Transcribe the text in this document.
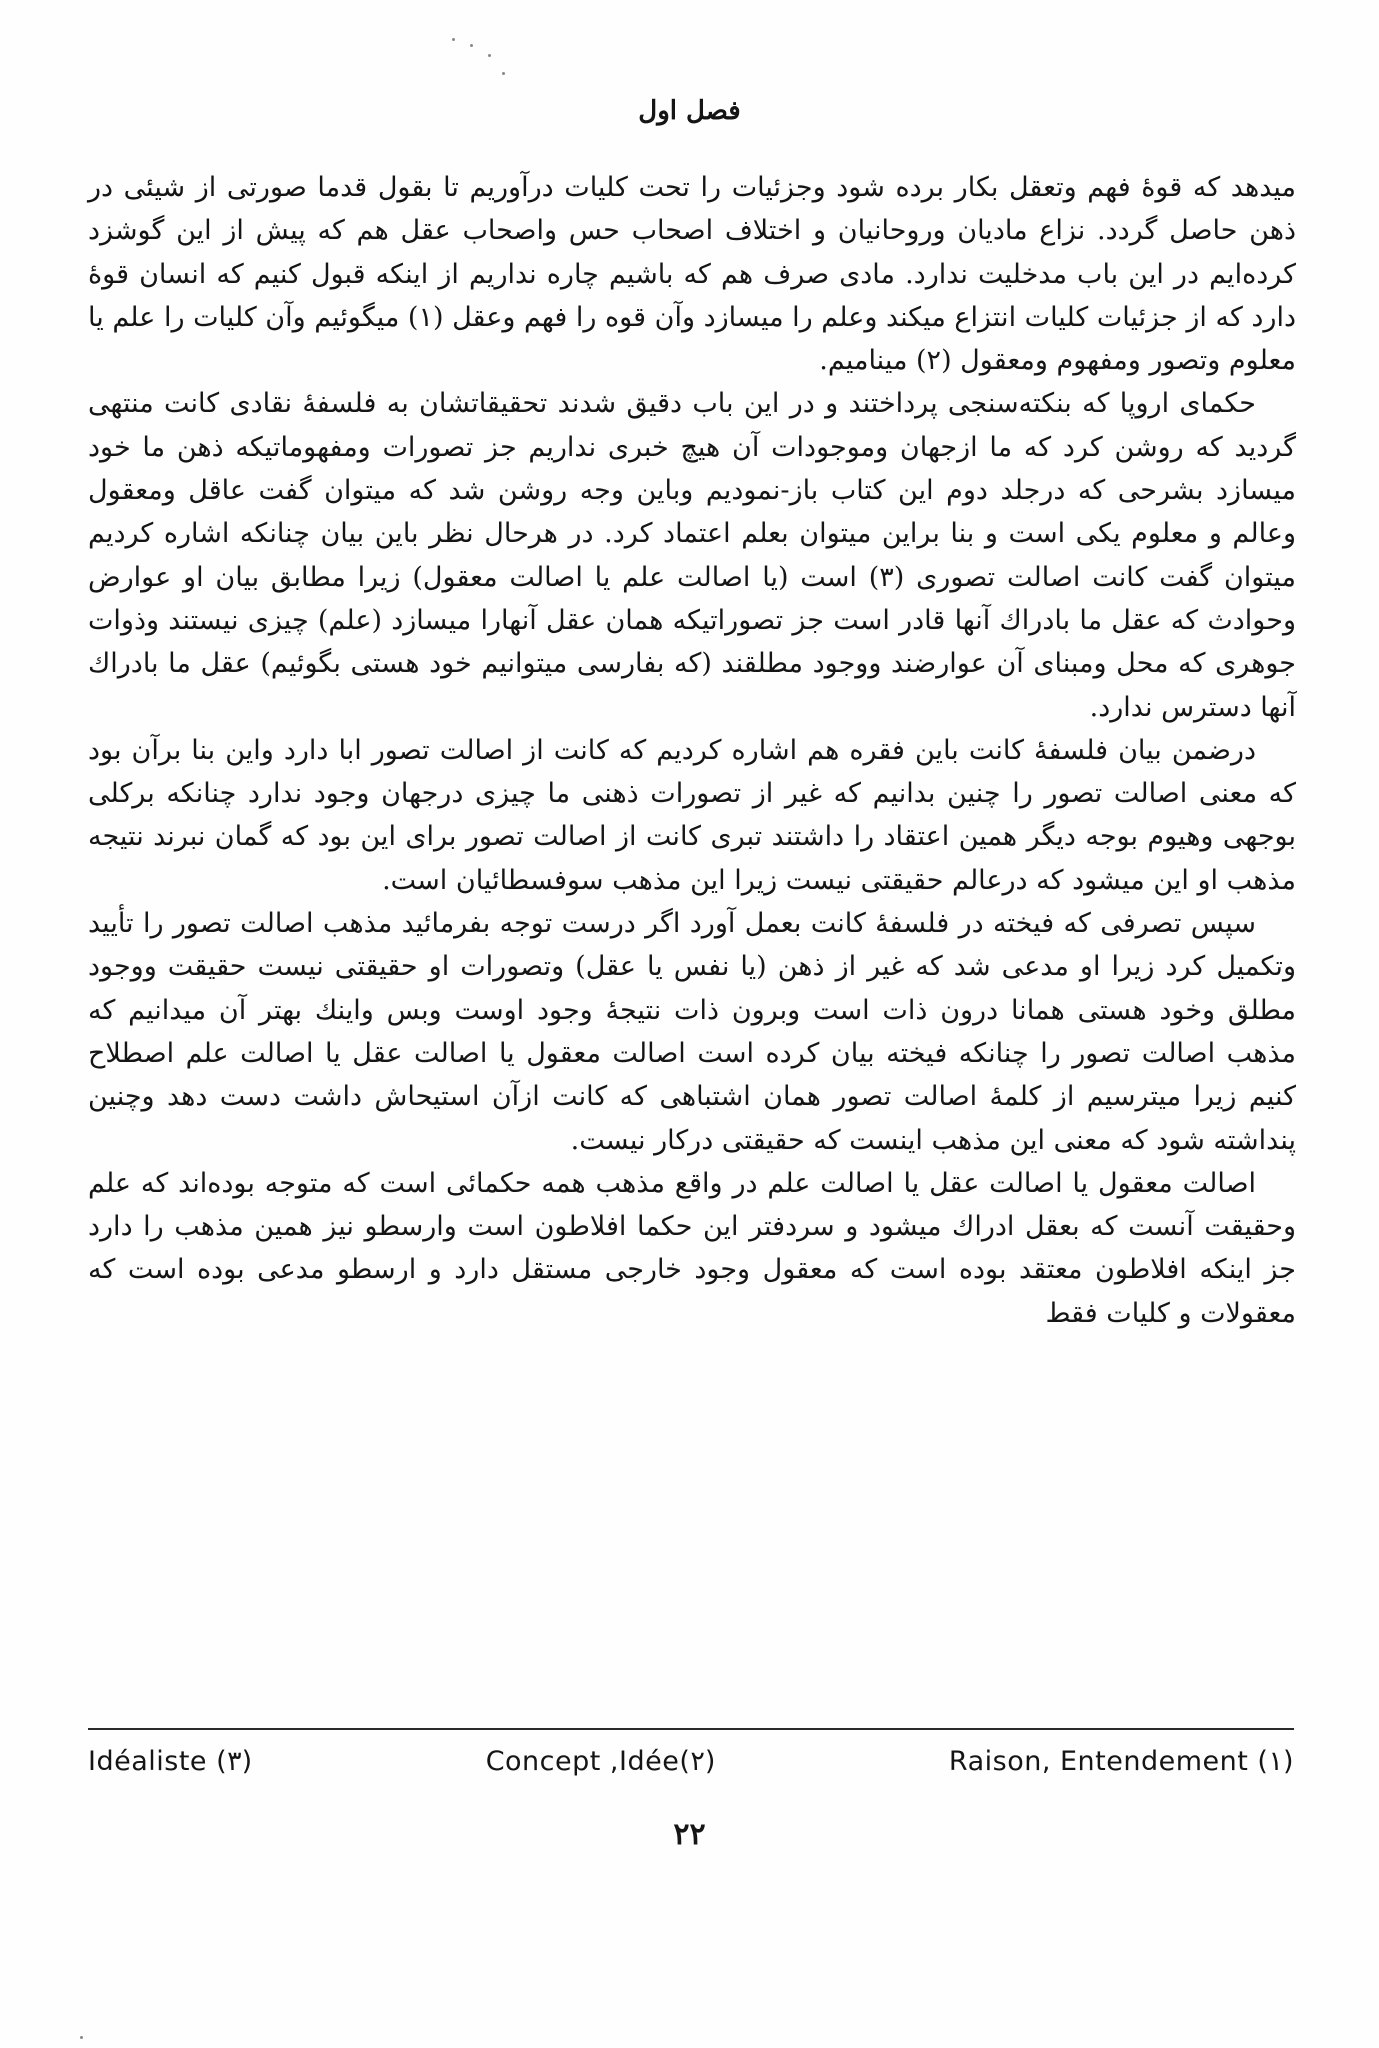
فصل اول

میدهد که قوهٔ فهم وتعقل بکار برده شود وجزئیات را تحت کلیات درآوریم تا بقول قدما صورتی از شیئی در ذهن حاصل گردد. نزاع مادیان وروحانیان و اختلاف اصحاب حس واصحاب عقل هم که پیش از این گوشزد کرده‌ایم در این باب مدخلیت ندارد. مادی صرف هم که باشیم چاره نداریم از اینکه قبول کنیم که انسان قوهٔ دارد که از جزئیات کلیات انتزاع میکند وعلم را میسازد وآن قوه را فهم وعقل (۱) میگوئیم وآن کلیات را علم یا معلوم وتصور ومفهوم ومعقول (۲) مینامیم.

حکمای اروپا که بنکته‌سنجی پرداختند و در این باب دقیق شدند تحقیقاتشان به فلسفهٔ نقادی کانت منتهی گردید که روشن کرد که ما ازجهان وموجودات آن هیچ خبری نداریم جز تصورات ومفهوماتیکه ذهن ما خود میسازد بشرحی که درجلد دوم این کتاب باز-نمودیم وباین وجه روشن شد که میتوان گفت عاقل ومعقول وعالم و معلوم یکی است و بنا براین میتوان بعلم اعتماد کرد. در هرحال نظر باین بیان چنانکه اشاره کردیم میتوان گفت کانت اصالت تصوری (۳) است (یا اصالت علم یا اصالت معقول) زیرا مطابق بیان او عوارض وحوادث که عقل ما بادراك آنها قادر است جز تصوراتیکه همان عقل آنهارا میسازد (علم) چیزی نیستند وذوات جوهری که محل ومبنای آن عوارضند ووجود مطلقند (که بفارسی میتوانیم خود هستی بگوئیم) عقل ما بادراك آنها دسترس ندارد.

درضمن بیان فلسفهٔ کانت باین فقره هم اشاره کردیم که کانت از اصالت تصور ابا دارد واین بنا برآن بود که معنی اصالت تصور را چنین بدانیم که غیر از تصورات ذهنی ما چیزی درجهان وجود ندارد چنانکه برکلی بوجهی وهیوم بوجه دیگر همین اعتقاد را داشتند تبری کانت از اصالت تصور برای این بود که گمان نبرند نتیجه مذهب او این میشود که درعالم حقیقتی نیست زیرا این مذهب سوفسطائیان است.

سپس تصرفی که فیخته در فلسفهٔ کانت بعمل آورد اگر درست توجه بفرمائید مذهب اصالت تصور را تأیید وتکمیل کرد زیرا او مدعی شد که غیر از ذهن (یا نفس یا عقل) وتصورات او حقیقتی نیست حقیقت ووجود مطلق وخود هستی همانا درون ذات است وبرون ذات نتیجهٔ وجود اوست وبس واینك بهتر آن میدانیم که مذهب اصالت تصور را چنانکه فیخته بیان کرده است اصالت معقول یا اصالت عقل یا اصالت علم اصطلاح کنیم زیرا میترسیم از کلمهٔ اصالت تصور همان اشتباهی که کانت ازآن استیحاش داشت دست دهد وچنین پنداشته شود که معنی این مذهب اینست که حقیقتی درکار نیست.

اصالت معقول یا اصالت عقل یا اصالت علم در واقع مذهب همه حکمائی است که متوجه بوده‌اند که علم وحقیقت آنست که بعقل ادراك میشود و سردفتر این حکما افلاطون است وارسطو نیز همین مذهب را دارد جز اینکه افلاطون معتقد بوده است که معقول وجود خارجی مستقل دارد و ارسطو مدعی بوده است که معقولات و کلیات فقط

Idéaliste (۳)	Concept ,Idée(۲)	Raison, Entendement (۱)
۲۲
